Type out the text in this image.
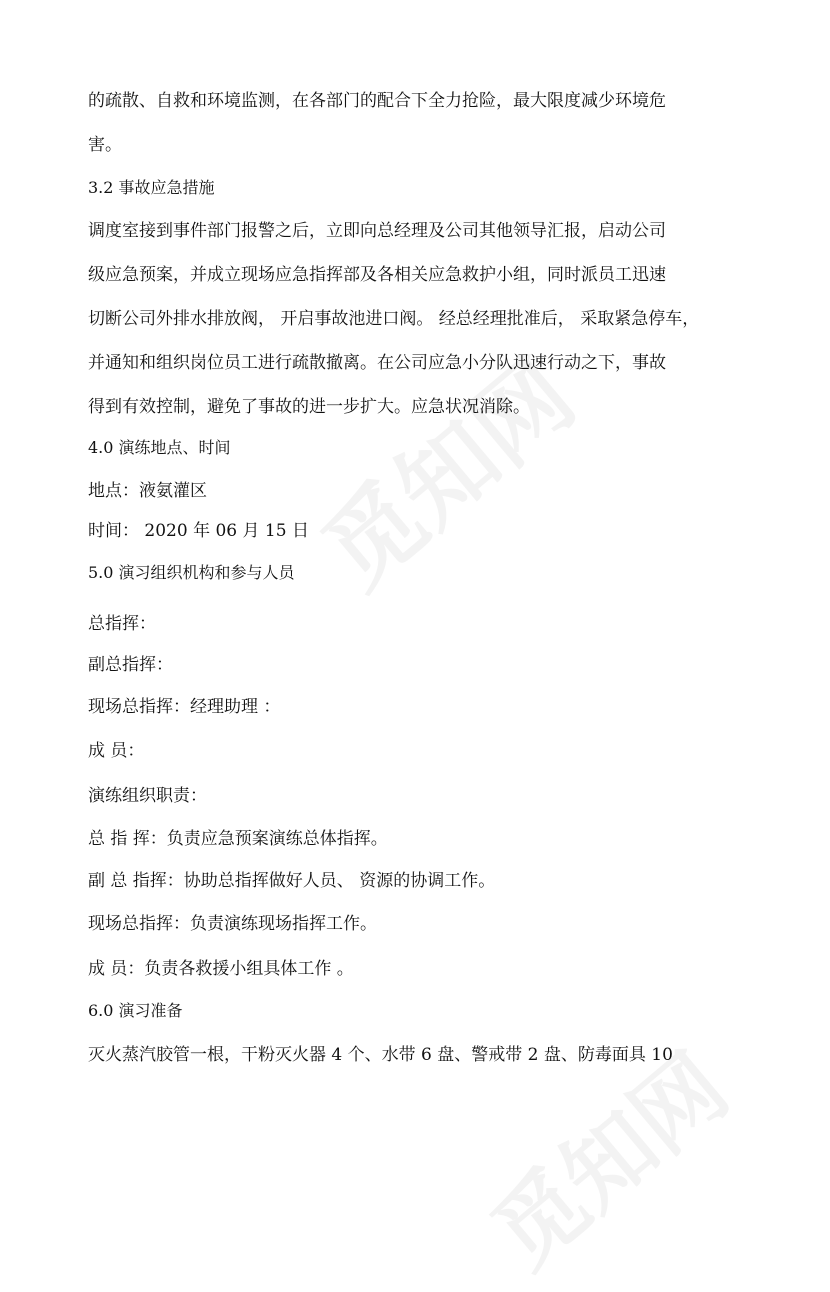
的疏散、自救和环境监测，在各部门的配合下全力抢险，最大限度减少环境危
害。
3.2 事故应急措施
调度室接到事件部门报警之后，立即向总经理及公司其他领导汇报，启动公司
级应急预案，并成立现场应急指挥部及各相关应急救护小组，同时派员工迅速
切断公司外排水排放阀， 开启事故池进口阀。 经总经理批准后， 采取紧急停车，
并通知和组织岗位员工进行疏散撤离。在公司应急小分队迅速行动之下，事故
得到有效控制，避免了事故的进一步扩大。应急状况消除。
4.0 演练地点、时间
地点：液氨灌区
时间： 2020 年 06 月 15 日
5.0 演习组织机构和参与人员
总指挥：
副总指挥：
现场总指挥：经理助理 ：
成 员：
演练组织职责：
总 指 挥：负责应急预案演练总体指挥。
副 总 指挥：协助总指挥做好人员、 资源的协调工作。
现场总指挥：负责演练现场指挥工作。
成 员：负责各救援小组具体工作 。
6.0 演习准备
灭火蒸汽胶管一根，干粉灭火器 4 个、水带 6 盘、警戒带 2 盘、防毒面具 10
